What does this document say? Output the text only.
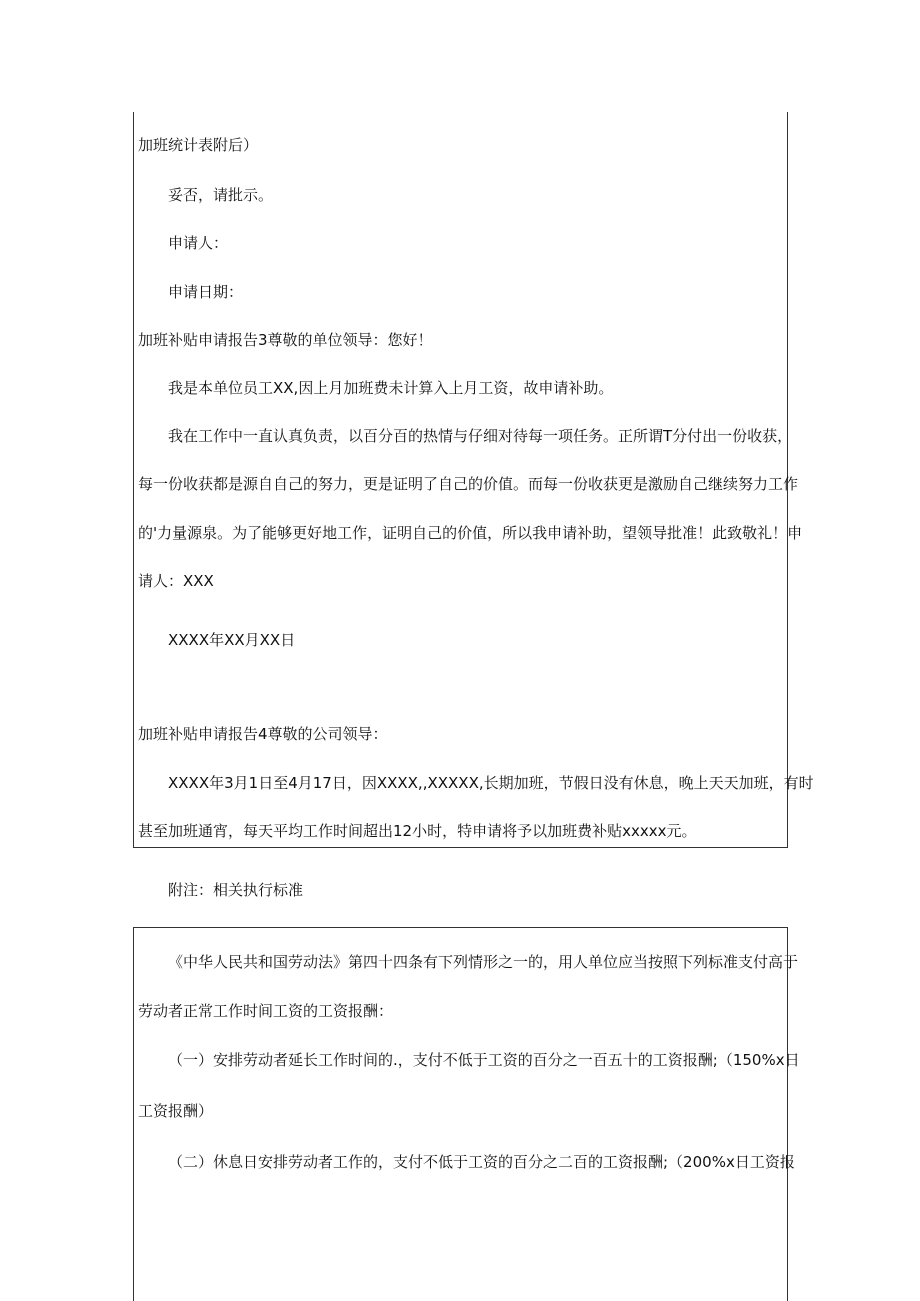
加班统计表附后）
妥否，请批示。
申请人：
申请日期：
加班补贴申请报告3尊敬的单位领导：您好！
我是本单位员工XX,因上月加班费未计算入上月工资，故申请补助。
我在工作中一直认真负责，以百分百的热情与仔细对待每一项任务。正所谓T分付出一份收获，
每一份收获都是源自自己的努力，更是证明了自己的价值。而每一份收获更是激励自己继续努力工作
的'力量源泉。为了能够更好地工作，证明自己的价值，所以我申请补助，望领导批准！此致敬礼！申
请人：XXX
XXXX年XX月XX日
加班补贴申请报告4尊敬的公司领导：
XXXX年3月1日至4月17日，因XXXX,,XXXXX,长期加班，节假日没有休息，晚上天天加班，有时
甚至加班通宵，每天平均工作时间超出12小时，特申请将予以加班费补贴xxxxx元。
附注：相关执行标准
《中华人民共和国劳动法》第四十四条有下列情形之一的，用人单位应当按照下列标准支付高于
劳动者正常工作时间工资的工资报酬：
（一）安排劳动者延长工作时间的.，支付不低于工资的百分之一百五十的工资报酬;（150%x日
工资报酬）
（二）休息日安排劳动者工作的，支付不低于工资的百分之二百的工资报酬;（200%x日工资报
